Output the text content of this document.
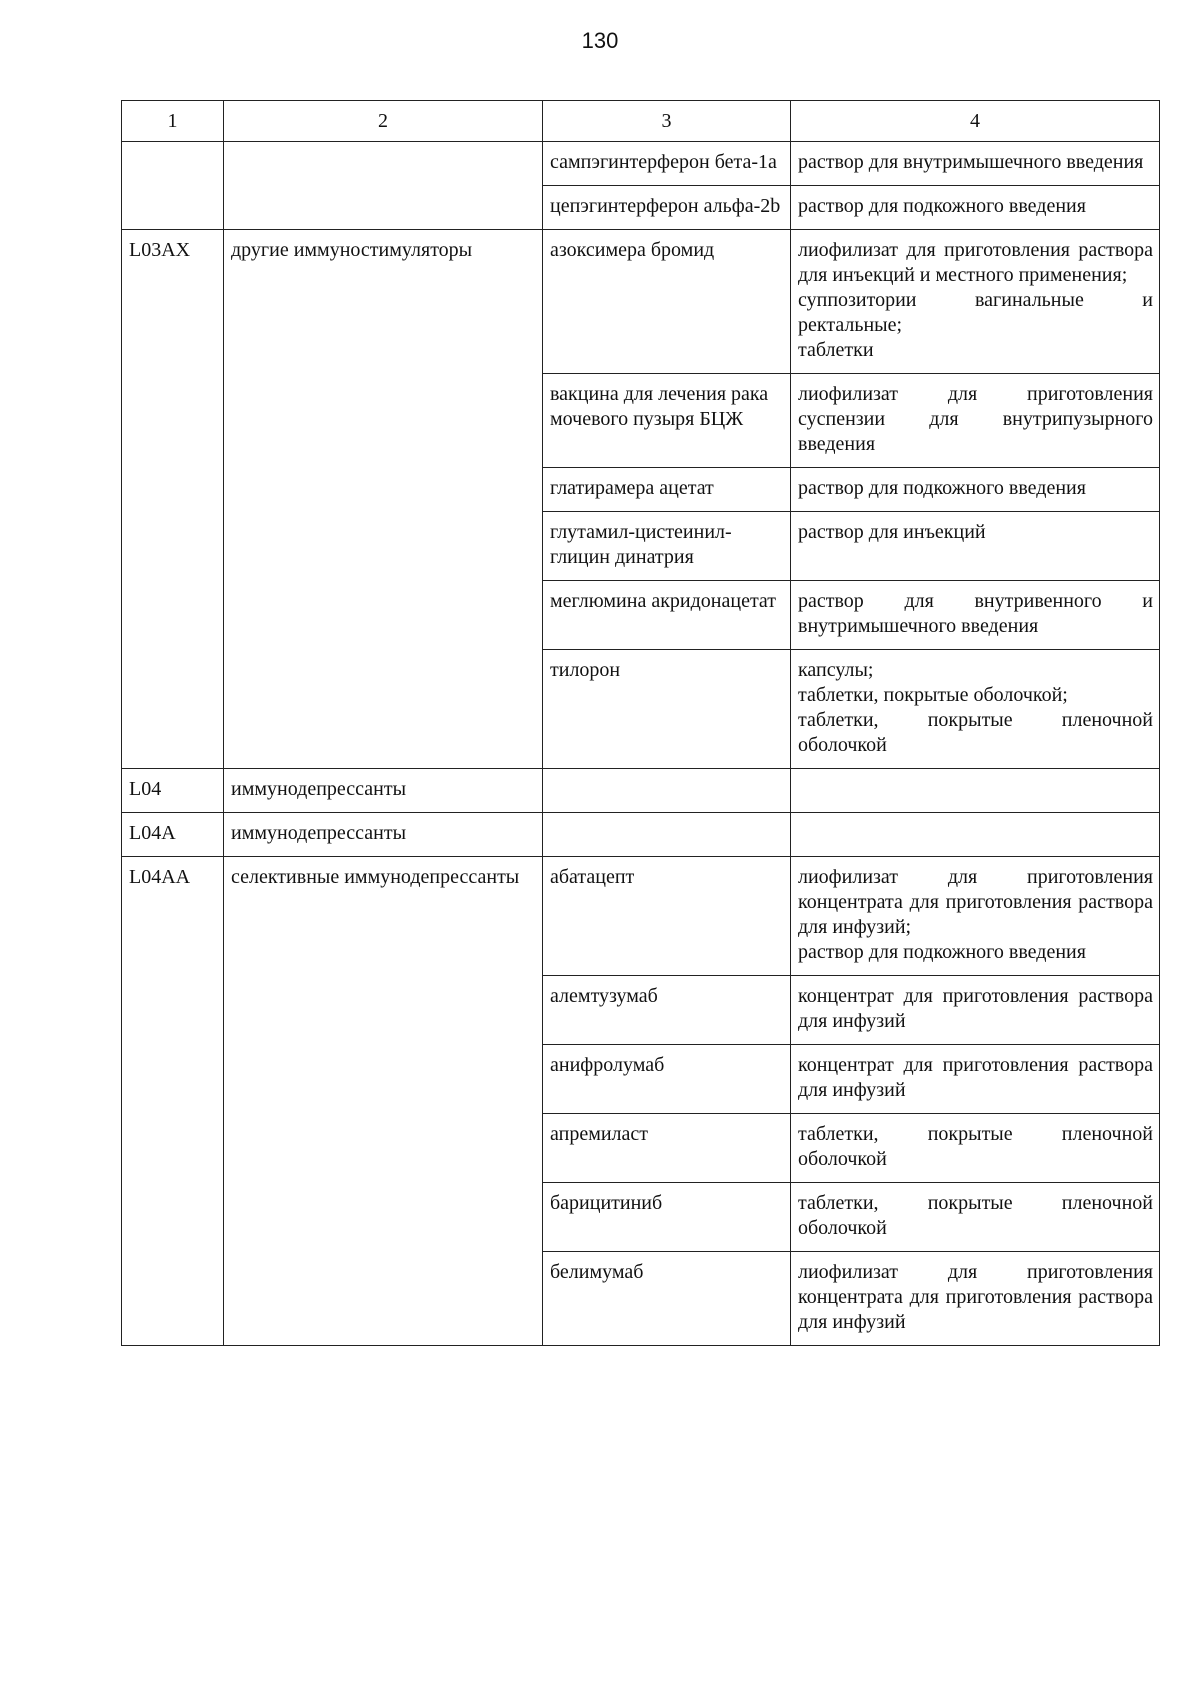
130
1	2	3	4
		сампэгинтерферон бета-1a	раствор для внутримышечного введения

		цепэгинтерферон альфа-2b	раствор для подкожного введения

L03AX	другие иммуностимуляторы	азоксимера бромид	лиофилизат для приготовления раствора для инъекций и местного применения;
суппозитории вагинальные и ректальные;
таблетки

		вакцина для лечения рака мочевого пузыря БЦЖ	лиофилизат для приготовления суспензии для внутрипузырного введения

		глатирамера ацетат	раствор для подкожного введения

		глутамил-цистеинил-глицин динатрия	раствор для инъекций

		меглюмина акридонацетат	раствор для внутривенного и внутримышечного введения

		тилорон	капсулы;
таблетки, покрытые оболочкой;
таблетки, покрытые пленочной оболочкой

L04	иммунодепрессанты		
L04A	иммунодепрессанты		
L04AA	селективные иммунодепрессанты	абатацепт	лиофилизат для приготовления концентрата для приготовления раствора для инфузий;
раствор для подкожного введения

		алемтузумаб	концентрат для приготовления раствора для инфузий

		анифролумаб	концентрат для приготовления раствора для инфузий

		апремиласт	таблетки, покрытые пленочной оболочкой

		барицитиниб	таблетки, покрытые пленочной оболочкой

		белимумаб	лиофилизат для приготовления концентрата для приготовления раствора для инфузий
